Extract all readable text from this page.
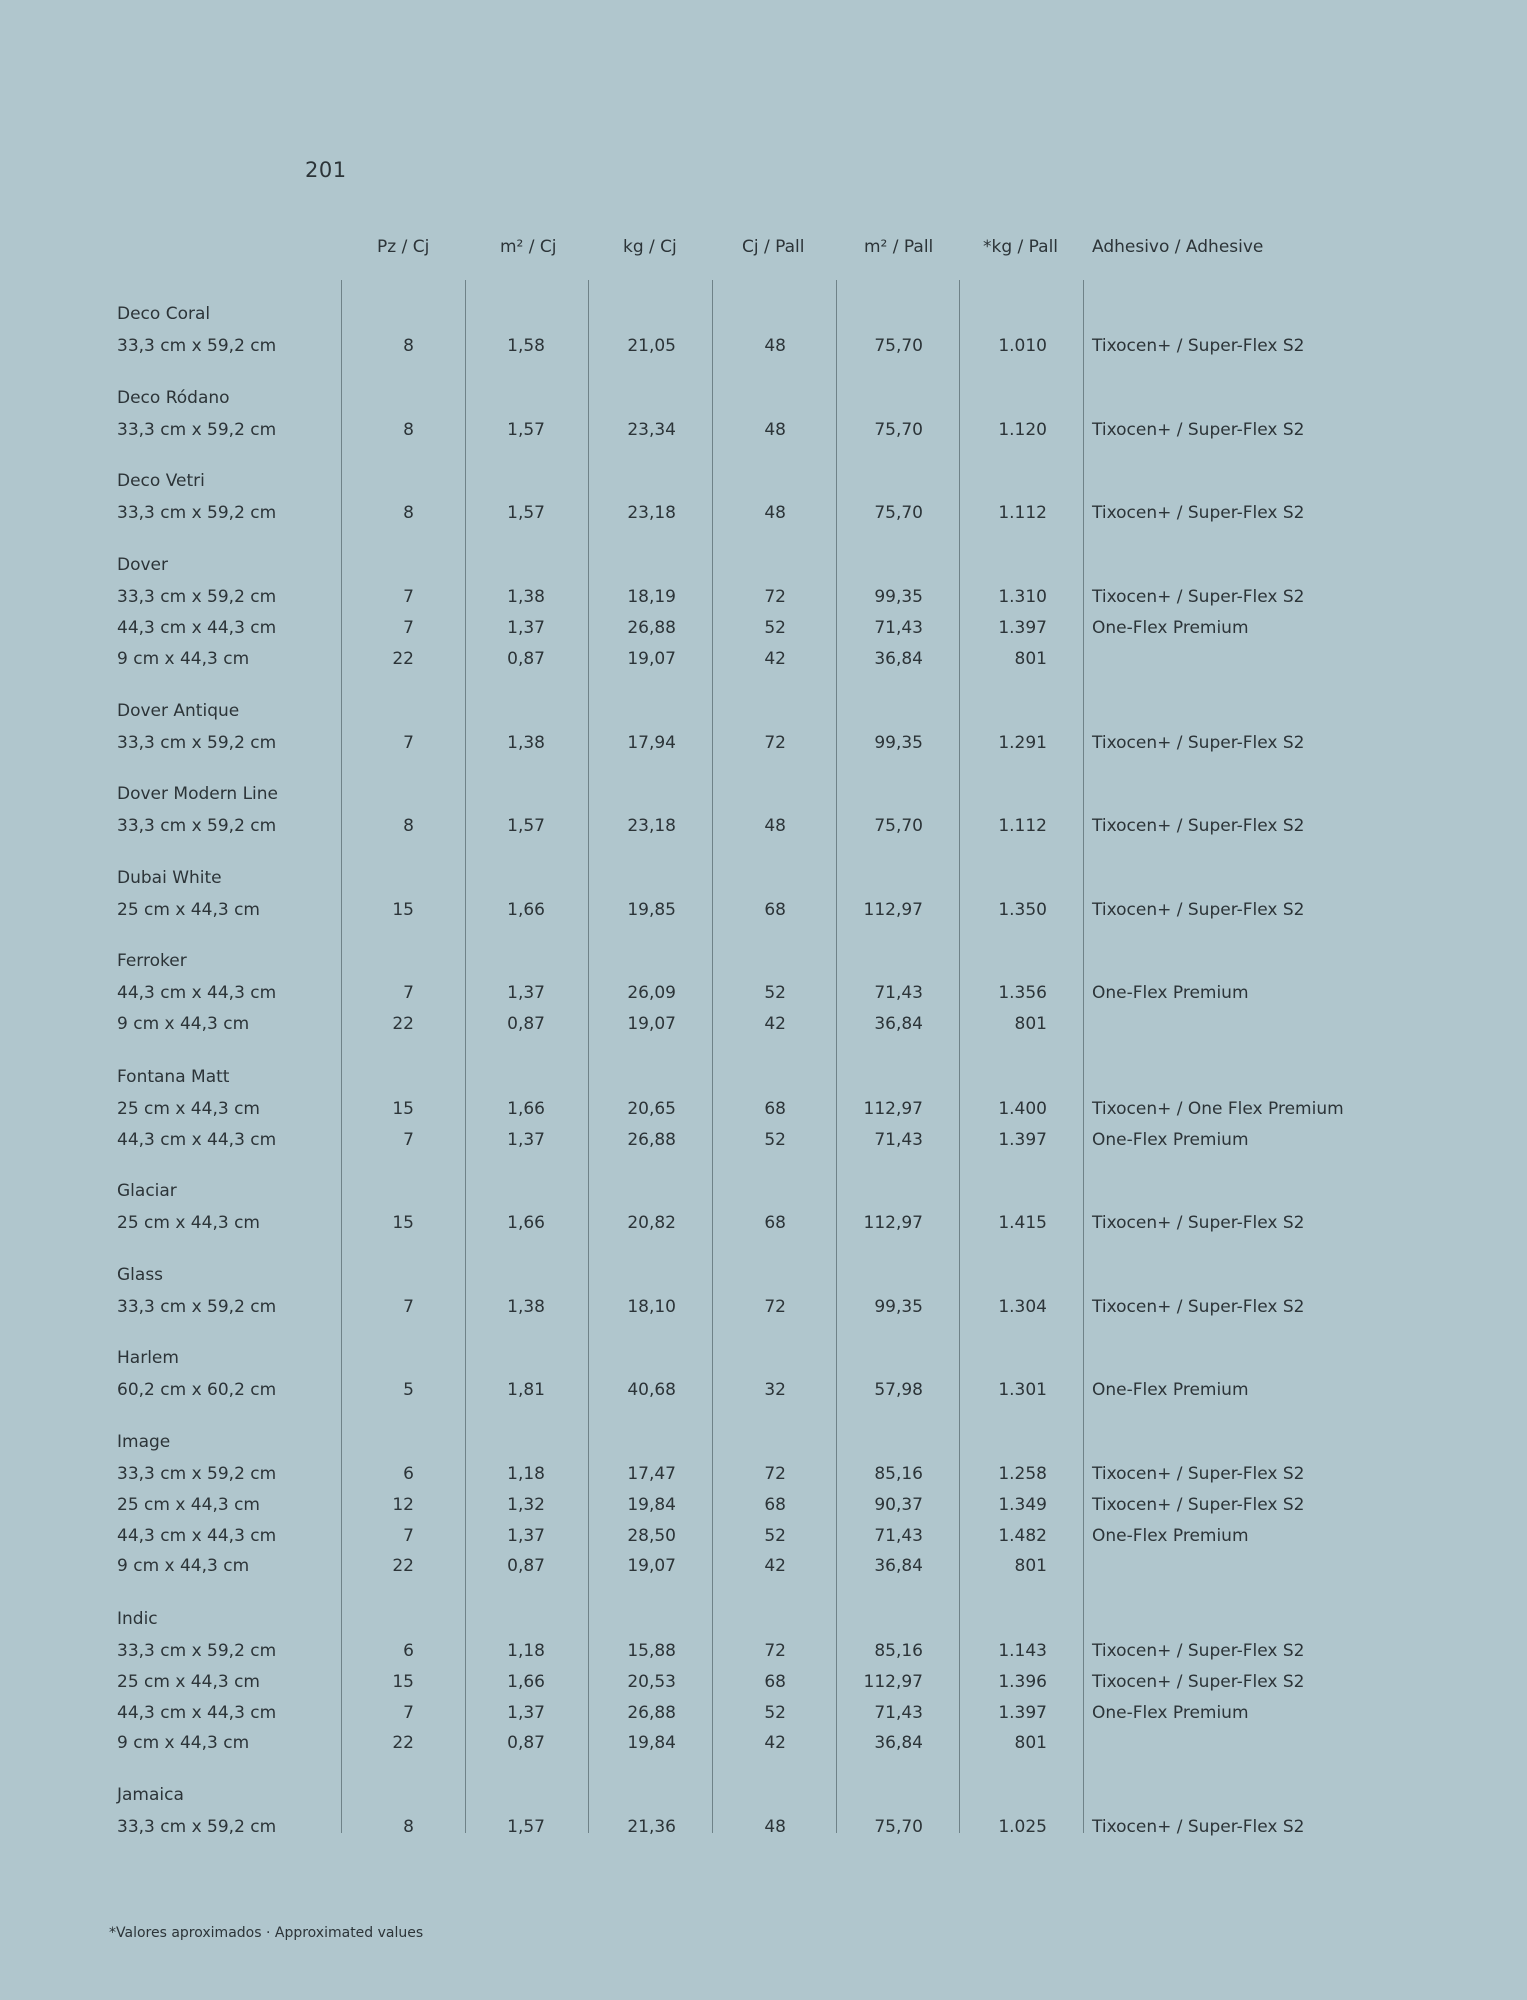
201
Pz / Cj	m² / Cj	kg / Cj	Cj / Pall	m² / Pall	*kg / Pall Adhesivo / Adhesive
Deco Coral
33,3 cm x 59,2 cm	8	1,58	21,05	48	75,70	1.010	Tixocen+ / Super-Flex S2
Deco Ródano
33,3 cm x 59,2 cm	8	1,57	23,34	48	75,70	1.120	Tixocen+ / Super-Flex S2
Deco Vetri
33,3 cm x 59,2 cm	8	1,57	23,18	48	75,70	1.112	Tixocen+ / Super-Flex S2
Dover
33,3 cm x 59,2 cm	7	1,38	18,19	72	99,35	1.310	Tixocen+ / Super-Flex S2
44,3 cm x 44,3 cm	7	1,37	26,88	52	71,43	1.397	One-Flex Premium
9 cm x 44,3 cm	22	0,87	19,07	42	36,84	801
Dover Antique
33,3 cm x 59,2 cm	7	1,38	17,94	72	99,35	1.291	Tixocen+ / Super-Flex S2
Dover Modern Line
33,3 cm x 59,2 cm	8	1,57	23,18	48	75,70	1.112	Tixocen+ / Super-Flex S2
Dubai White
25 cm x 44,3 cm	15	1,66	19,85	68	112,97	1.350	Tixocen+ / Super-Flex S2
Ferroker
44,3 cm x 44,3 cm	7	1,37	26,09	52	71,43	1.356	One-Flex Premium
9 cm x 44,3 cm	22	0,87	19,07	42	36,84	801
Fontana Matt
25 cm x 44,3 cm	15	1,66	20,65	68	112,97	1.400	Tixocen+ / One Flex Premium
44,3 cm x 44,3 cm	7	1,37	26,88	52	71,43	1.397	One-Flex Premium
Glaciar
25 cm x 44,3 cm	15	1,66	20,82	68	112,97	1.415	Tixocen+ / Super-Flex S2
Glass
33,3 cm x 59,2 cm	7	1,38	18,10	72	99,35	1.304	Tixocen+ / Super-Flex S2
Harlem
60,2 cm x 60,2 cm	5	1,81	40,68	32	57,98	1.301	One-Flex Premium
Image
33,3 cm x 59,2 cm	6	1,18	17,47	72	85,16	1.258	Tixocen+ / Super-Flex S2
25 cm x 44,3 cm	12	1,32	19,84	68	90,37	1.349	Tixocen+ / Super-Flex S2
44,3 cm x 44,3 cm	7	1,37	28,50	52	71,43	1.482	One-Flex Premium
9 cm x 44,3 cm	22	0,87	19,07	42	36,84	801
Indic
33,3 cm x 59,2 cm	6	1,18	15,88	72	85,16	1.143	Tixocen+ / Super-Flex S2
25 cm x 44,3 cm	15	1,66	20,53	68	112,97	1.396	Tixocen+ / Super-Flex S2
44,3 cm x 44,3 cm	7	1,37	26,88	52	71,43	1.397	One-Flex Premium
9 cm x 44,3 cm	22	0,87	19,84	42	36,84	801
Jamaica
33,3 cm x 59,2 cm	8	1,57	21,36	48	75,70	1.025	Tixocen+ / Super-Flex S2
*Valores aproximados · Approximated values
